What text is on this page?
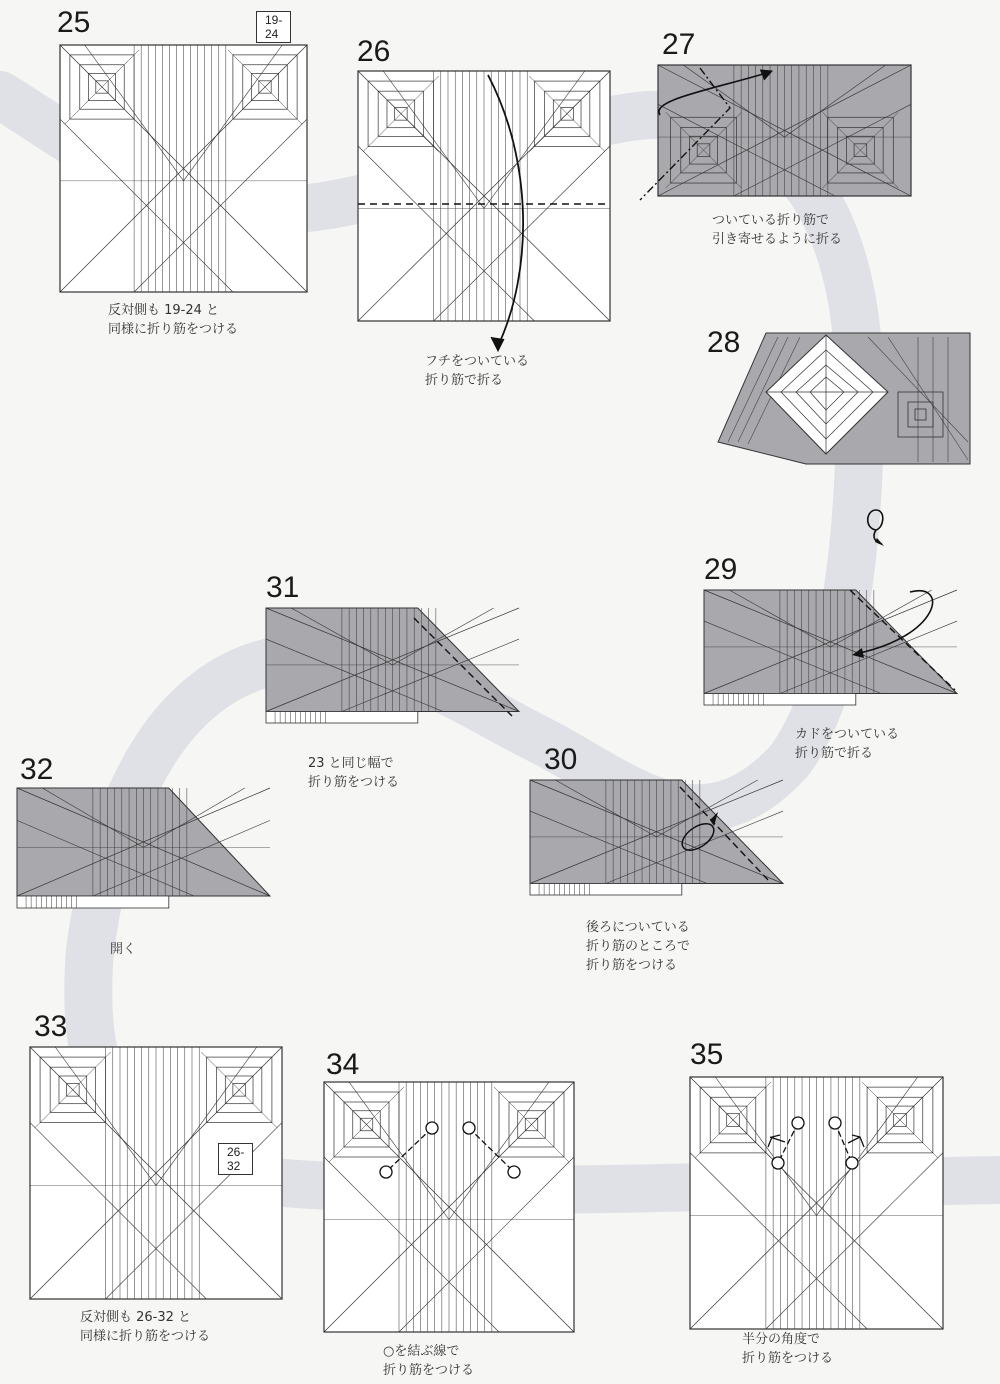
25	19-24
反対側も 19-24 と
同様に折り筋をつける
26
フチをついている
折り筋で折る
27
ついている折り筋で
引き寄せるように折る
28
29
カドをついている
折り筋で折る
30
後ろについている
折り筋のところで
折り筋をつける
31
23 と同じ幅で
折り筋をつける
32
開く
33
26-32
反対側も 26-32 と
同様に折り筋をつける
34
○を結ぶ線で
折り筋をつける
35
半分の角度で
折り筋をつける
